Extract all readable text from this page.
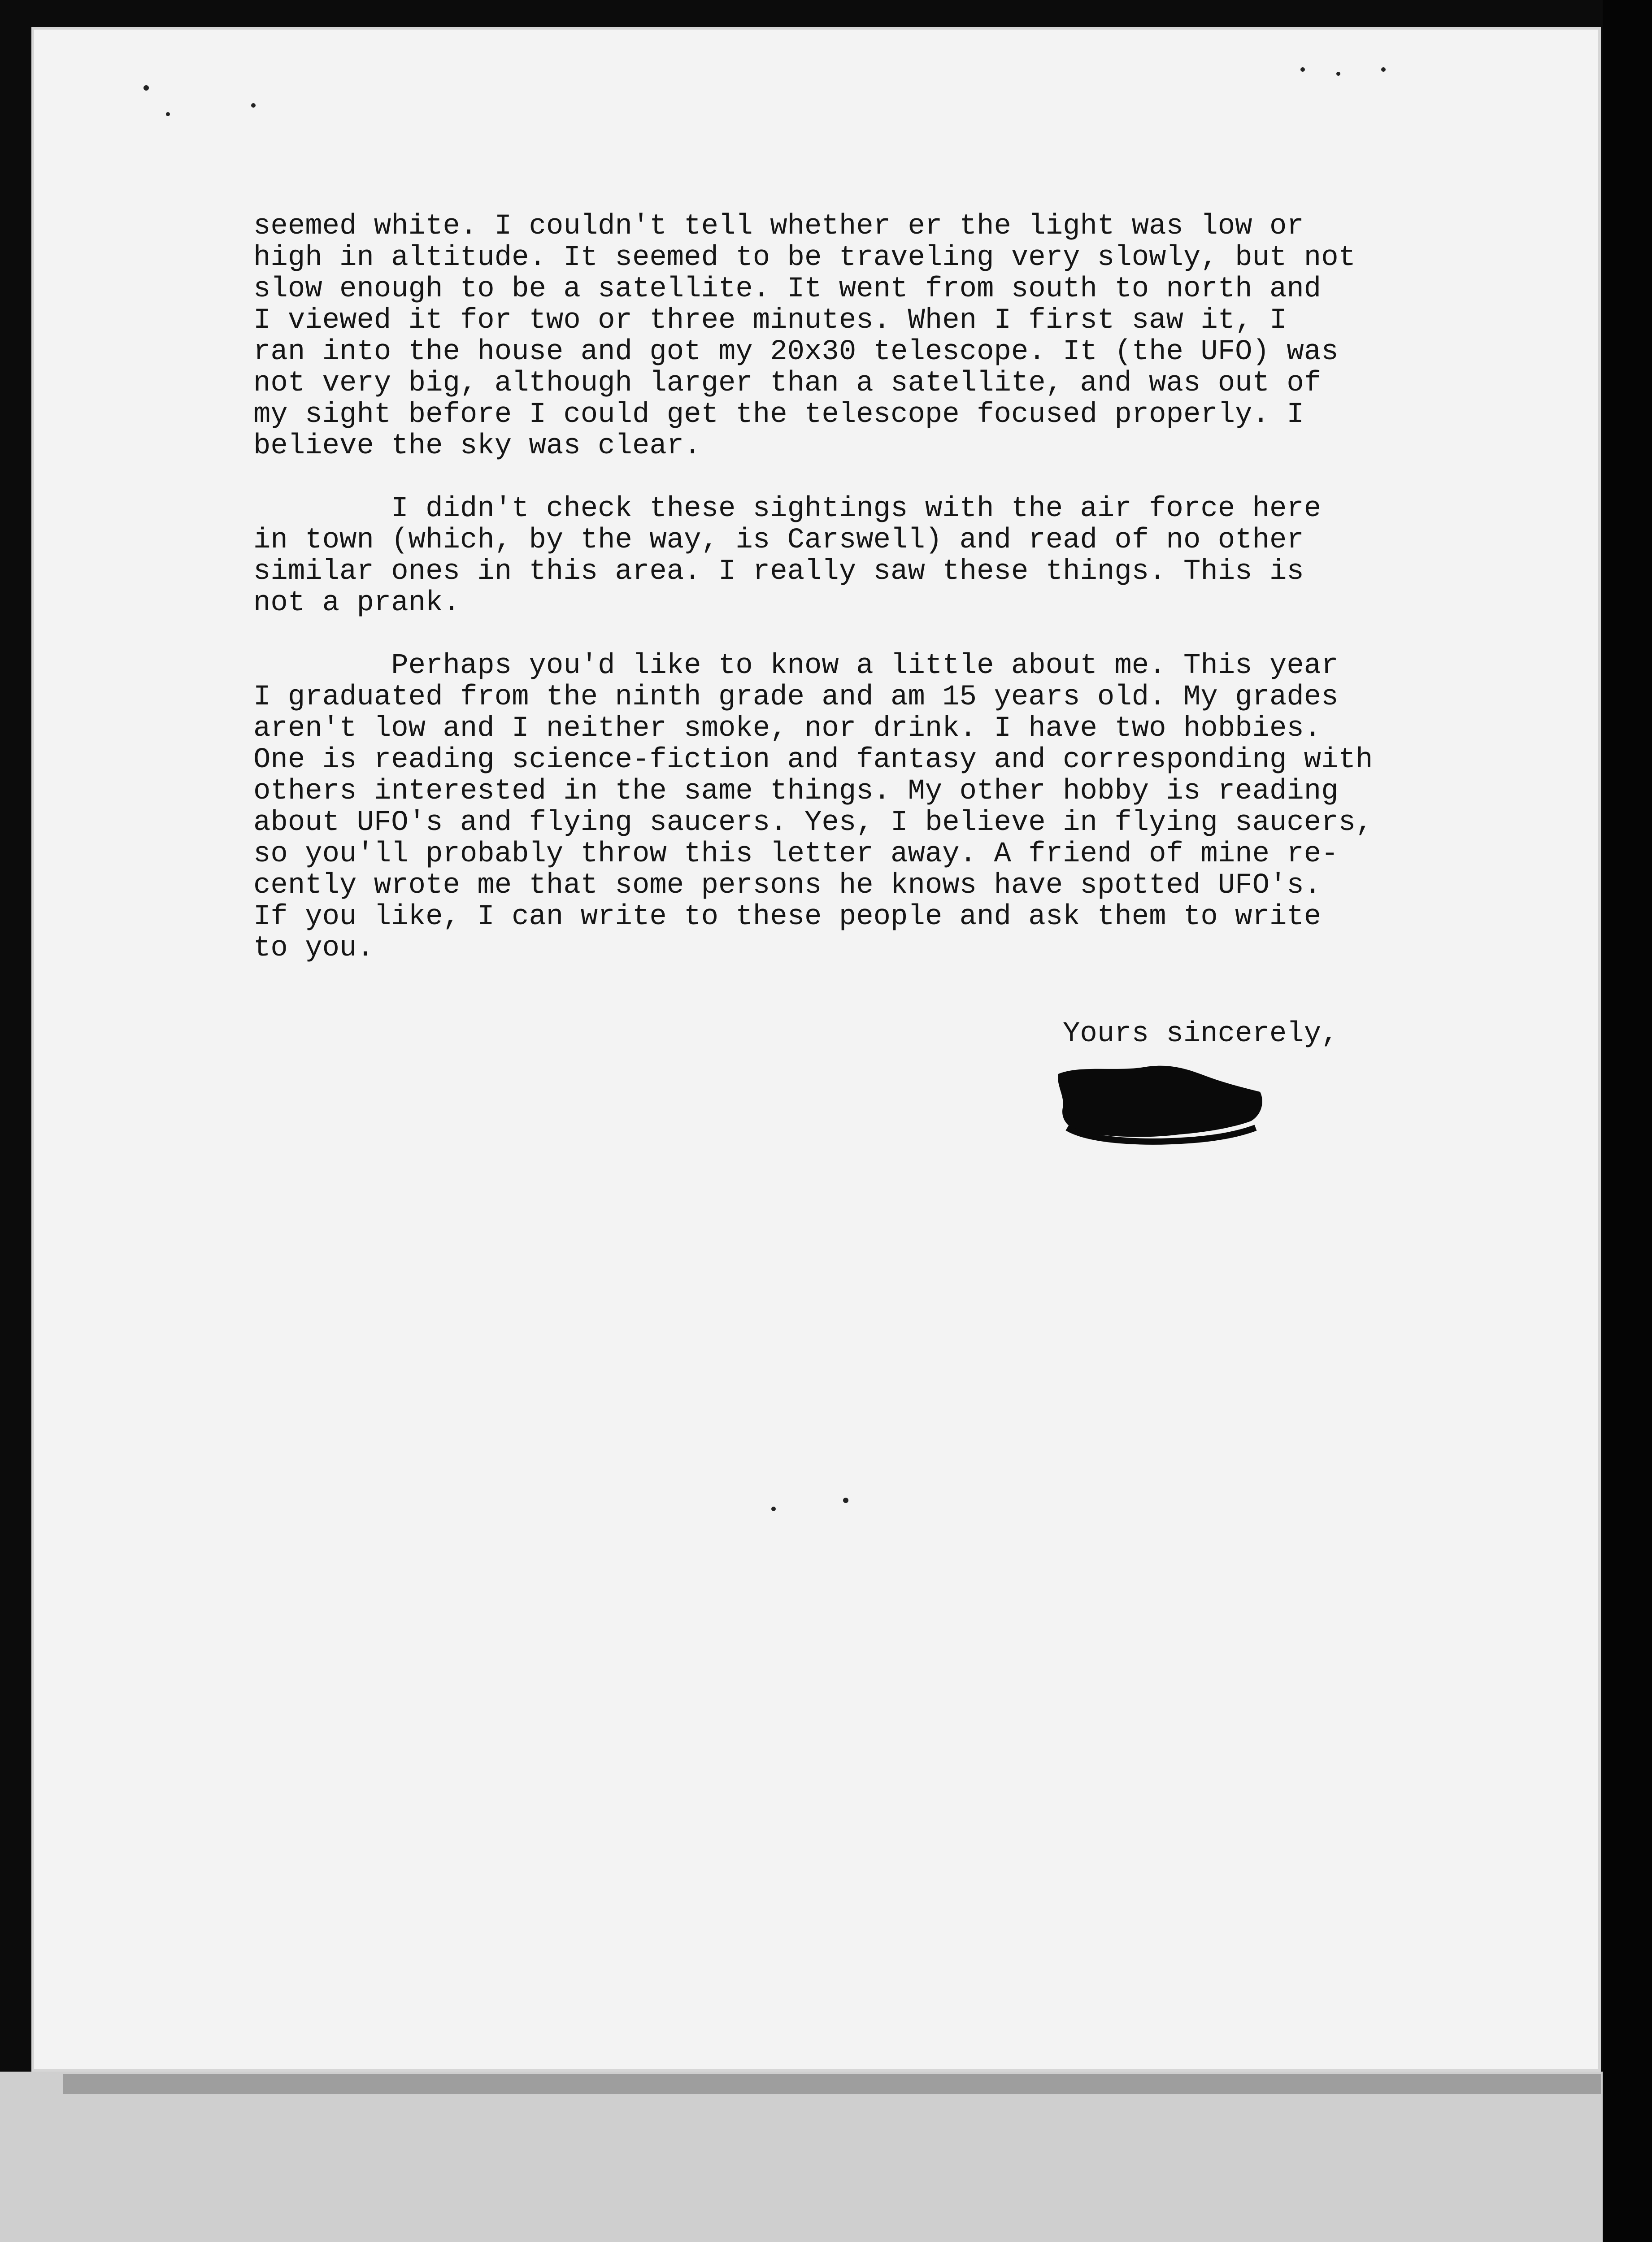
seemed white. I couldn't tell whether er the light was low or
high in altitude. It seemed to be traveling very slowly, but not
slow enough to be a satellite. It went from south to north and
I viewed it for two or three minutes. When I first saw it, I
ran into the house and got my 20x30 telescope. It (the UFO) was
not very big, although larger than a satellite, and was out of
my sight before I could get the telescope focused properly. I
believe the sky was clear.
I didn't check these sightings with the air force here
in town (which, by the way, is Carswell) and read of no other
similar ones in this area. I really saw these things. This is
not a prank.
Perhaps you'd like to know a little about me. This year
I graduated from the ninth grade and am 15 years old. My grades
aren't low and I neither smoke, nor drink. I have two hobbies.
One is reading science-fiction and fantasy and corresponding with
others interested in the same things. My other hobby is reading
about UFO's and flying saucers. Yes, I believe in flying saucers,
so you'll probably throw this letter away. A friend of mine re-
cently wrote me that some persons he knows have spotted UFO's.
If you like, I can write to these people and ask them to write
to you.
Yours sincerely,
